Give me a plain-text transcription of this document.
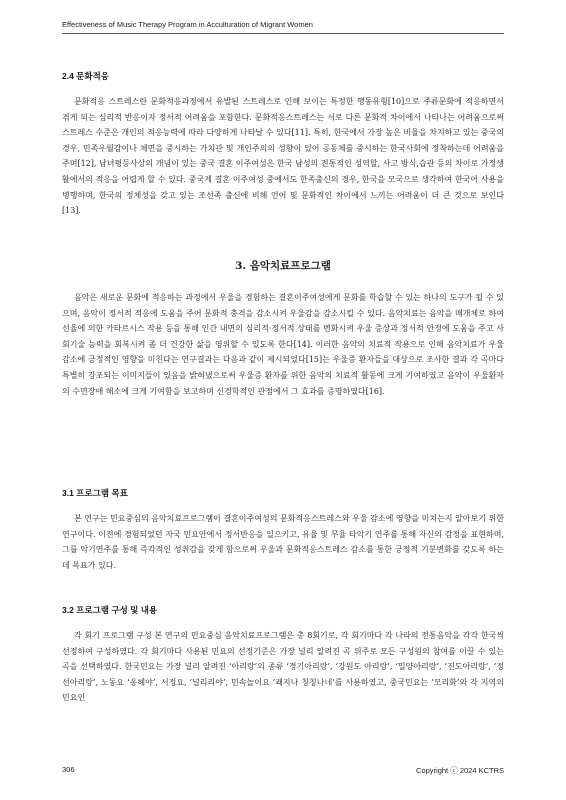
Effectiveness of Music Therapy Program in Acculturation of Migrant Women
2.4 문화적응

문화적응 스트레스란 문화적응과정에서 유발된 스트레스로 인해 보이는 특정한 행동유형[10]으로 주류문화에 적응하면서 겪게 되는 심리적 반응이자 정서적 어려움을 포함한다. 문화적응스트레스는 서로 다른 문화적 차이에서 나타나는 어려움으로써 스트레스 수준은 개인의 적응능력에 따라 다양하게 나타날 수 있다[11]. 특히, 한국에서 가장 높은 비율을 차지하고 있는 중국의 경우, 민족우월감이나 체면을 중시하는 가치관 및 개인주의의 성향이 있어 공동체를 중시하는 한국사회에 정착하는데 어려움을 주며[12], 남녀평등사상의 개념이 있는 중국 결혼 이주여성은 한국 남성의 전통적인 성역할, 사고 방식,습관 등의 차이로 가정생활에서의 적응을 어렵게 할 수 있다. 중국계 결혼 이주여성 중에서도 한족출신의 경우, 한국을 모국으로 생각하여 한국어 사용을 병행하며, 한국의 정체성을 갖고 있는 조선족 출신에 비해 언어 및 문화적인 차이에서 느끼는 어려움이 더 큰 것으로 보인다[13].

3. 음악치료프로그램

음악은 새로운 문화에 적응하는 과정에서 우울을 경험하는 결혼이주여성에게 문화를 학습할 수 있는 하나의 도구가 될 수 있으며, 음악이 정서적 적응에 도움을 주어 문화적 충격을 감소시켜 우울감을 감소시킬 수 있다. 음악치료는 음악을 매개체로 하여 선율에 의한 카타르시스 작용 등을 통해 인간 내면의 심리적·정서적 상태를 변화시켜 우울 증상과 정서적 안정에 도움을 주고 사회기술 능력을 회복시켜 좀 더 건강한 삶을 영위할 수 있도록 한다[14]. 이러한 음악의 치료적 작용으로 인해 음악치료가 우울 감소에 긍정적인 영향을 미친다는 연구결과는 다음과 같이 제시되었다[15]는 우울증 환자들을 대상으로 조사한 결과 각 곡마다 특별히 강조되는 이미지들이 있음을 밝혀냈으로써 우울증 환자를 위한 음악의 치료적 활동에 크게 기여하였고 음악이 우울환자의 수면장애 해소에 크게 기여함을 보고하며 신경학적인 관점에서 그 효과를 증명하였다[16].

3.1 프로그램 목표

본 연구는 민요중심의 음악치료프로그램이 결혼이주여성의 문화적응스트레스와 우울 감소에 영향을 미치는지 알아보기 위한 연구이다. 이전에 경험되었던 자국 민요안에서 정서반응을 일으키고, 유율 및 무율 타악기 연주를 통해 자신의 감정을 표현하며, 그룹 악기연주를 통해 즉각적인 성취감을 갖게 함으로써 우울과 문화적응스트레스 감소를 통한 긍정적 기분변화를 갖도록 하는데 목표가 있다.

3.2 프로그램 구성 및 내용

각 회기 프로그램 구성 본 연구의 민요중심 음악치료프로그램은 총 8회기로, 각 회기마다 각 나라의 전통음악을 각각 한국씩 선정하여 구성하였다. 각 회기마다 사용된 민요의 선정기준은 가장 널리 알려진 곡 위주로 모든 구성원의 참여를 이끌 수 있는 곡을 선택하였다. 한국민요는 가장 널리 알려진 ‘아리랑’의 종류 ‘경기아리랑’, ‘강원도 아리랑’, ‘밀양아리랑’, ‘진도아리랑’, ‘정선아리랑’, 노동요 ‘옹헤야’, 서정요, ‘널리리야’, 민속놀이요 ‘쾌지나 칭칭나네’를 사용하였고, 중국민요는 ‘모리화’와 각 지역의 민요인

306	Copyright ⓒ 2024 KCTRS
